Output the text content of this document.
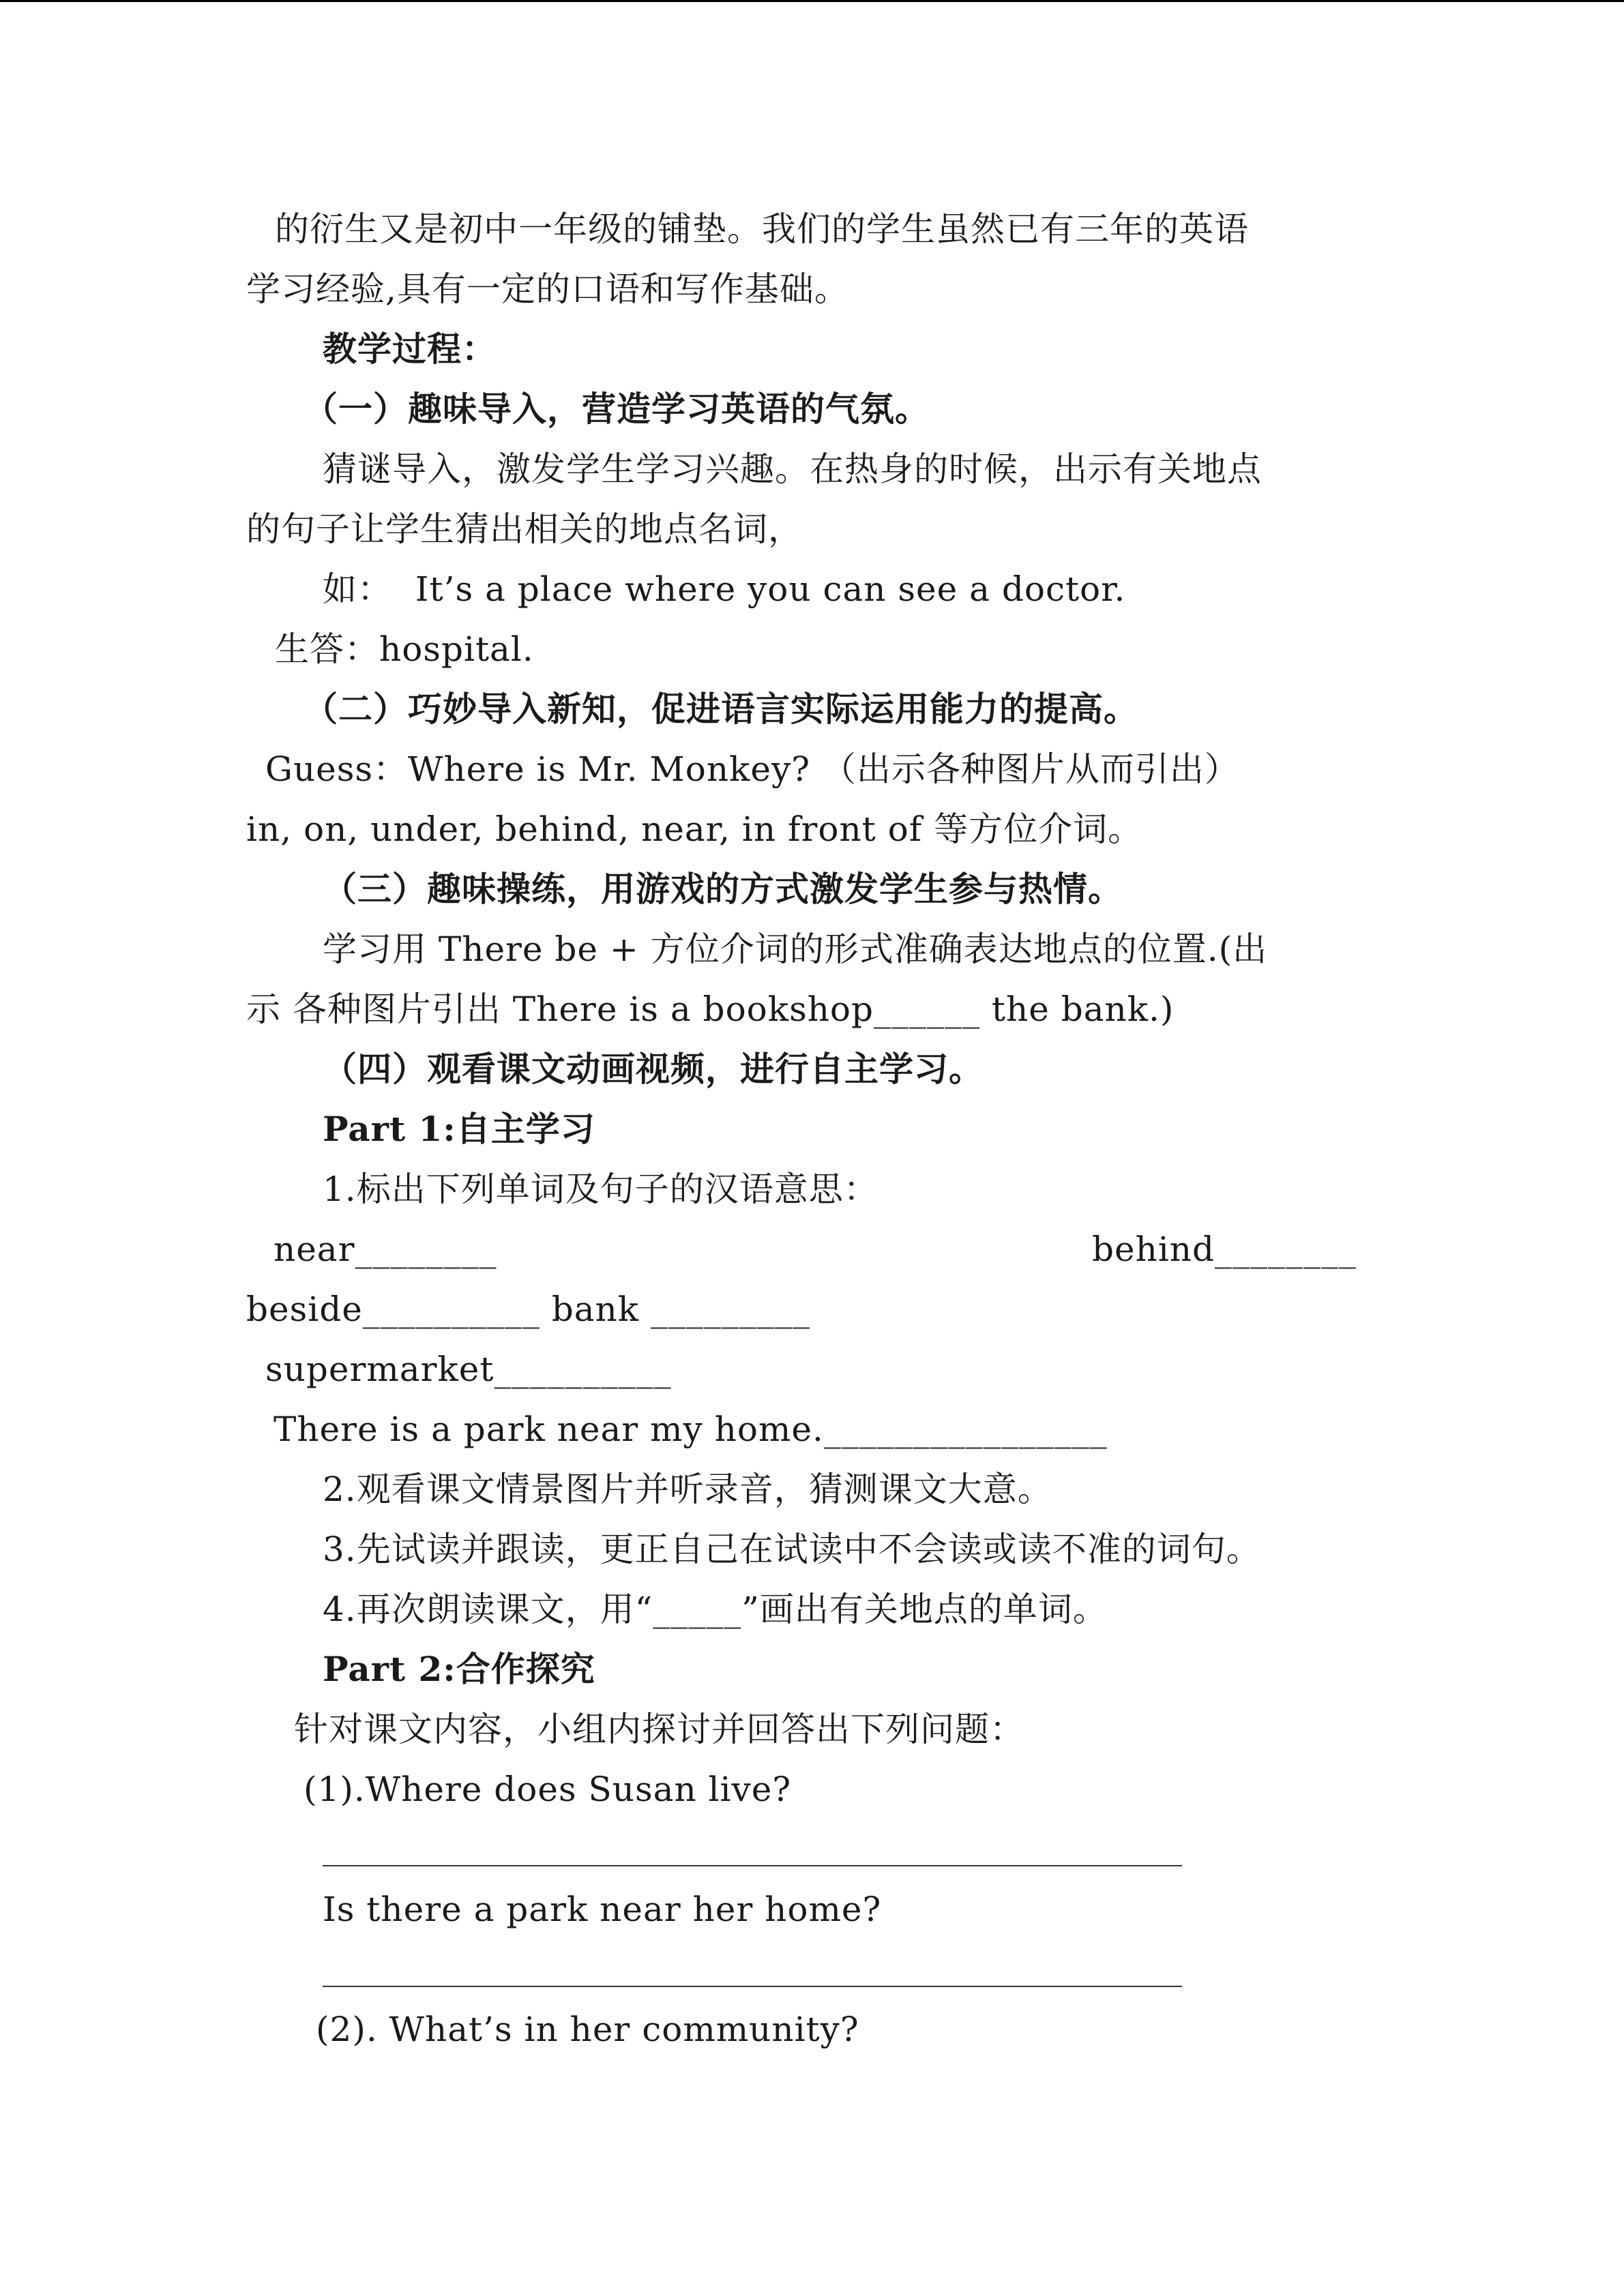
的衍生又是初中一年级的铺垫。我们的学生虽然已有三年的英语
学习经验,具有一定的口语和写作基础。
教学过程：
（一）趣味导入，营造学习英语的气氛。
猜谜导入，激发学生学习兴趣。在热身的时候，出示有关地点
的句子让学生猜出相关的地点名词，
如：  It’s a place where you can see a doctor.
生答：hospital.
（二）巧妙导入新知，促进语言实际运用能力的提高。
Guess：Where is Mr. Monkey? （出示各种图片从而引出）
in, on, under, behind, near, in front of 等方位介词。
（三）趣味操练，用游戏的方式激发学生参与热情。
学习用 There be + 方位介词的形式准确表达地点的位置.(出
示 各种图片引出 There is a bookshop______ the bank.)
（四）观看课文动画视频，进行自主学习。
Part 1:自主学习
1.标出下列单词及句子的汉语意思：
near________	behind________
beside__________ bank _________
supermarket__________
There is a park near my home.________________
2.观看课文情景图片并听录音，猜测课文大意。
3.先试读并跟读，更正自己在试读中不会读或读不准的词句。
4.再次朗读课文，用“_____”画出有关地点的单词。
Part 2:合作探究
针对课文内容，小组内探讨并回答出下列问题：
(1).Where does Susan live?
Is there a park near her home?
(2). What’s in her community?
